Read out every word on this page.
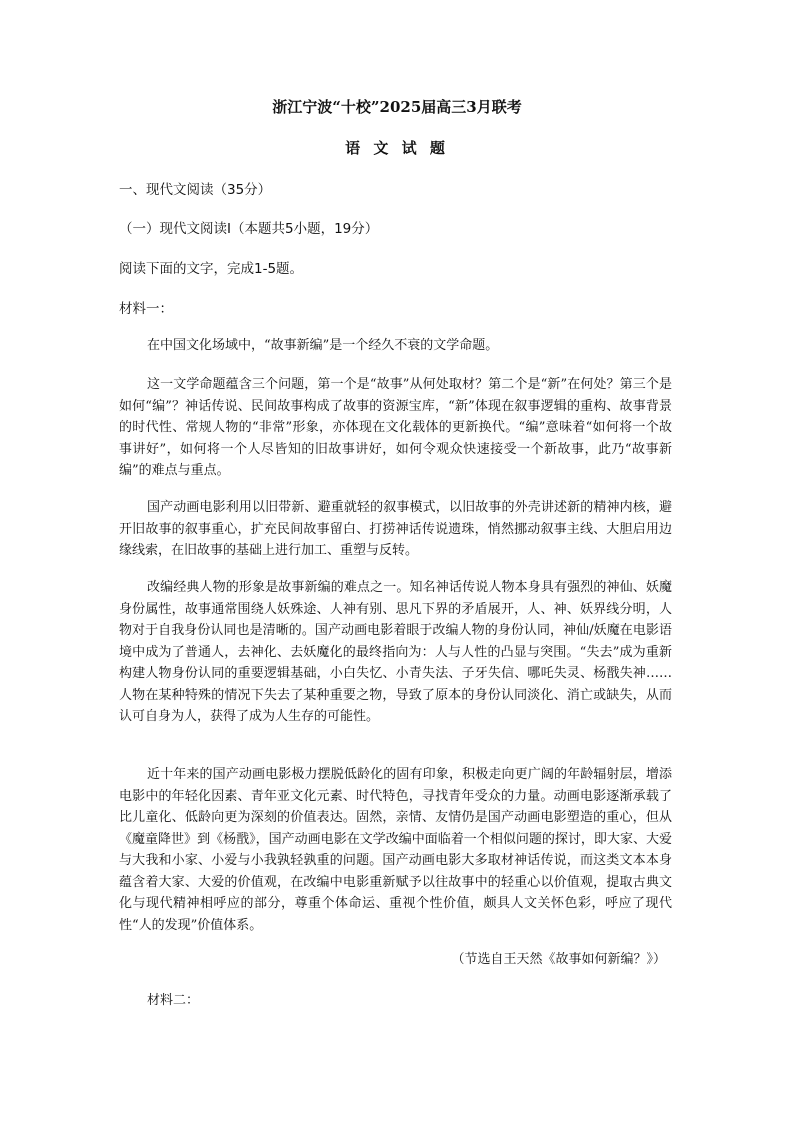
浙江宁波“十校”2025届高三3月联考
语 文 试 题
一、现代文阅读（35分）
（一）现代文阅读Ⅰ（本题共5小题，19分）
阅读下面的文字，完成1-5题。
材料一：
在中国文化场域中，“故事新编”是一个经久不衰的文学命题。
这一文学命题蕴含三个问题，第一个是“故事”从何处取材？第二个是“新”在何处？第三个是如何“编”？神话传说、民间故事构成了故事的资源宝库，“新”体现在叙事逻辑的重构、故事背景的时代性、常规人物的“非常”形象，亦体现在文化载体的更新换代。“编”意味着“如何将一个故事讲好”，如何将一个人尽皆知的旧故事讲好，如何令观众快速接受一个新故事，此乃“故事新编”的难点与重点。
国产动画电影利用以旧带新、避重就轻的叙事模式，以旧故事的外壳讲述新的精神内核，避开旧故事的叙事重心，扩充民间故事留白、打捞神话传说遗珠，悄然挪动叙事主线、大胆启用边缘线索，在旧故事的基础上进行加工、重塑与反转。
改编经典人物的形象是故事新编的难点之一。知名神话传说人物本身具有强烈的神仙、妖魔身份属性，故事通常围绕人妖殊途、人神有别、思凡下界的矛盾展开，人、神、妖界线分明，人物对于自我身份认同也是清晰的。国产动画电影着眼于改编人物的身份认同，神仙/妖魔在电影语境中成为了普通人，去神化、去妖魔化的最终指向为：人与人性的凸显与突围。“失去”成为重新构建人物身份认同的重要逻辑基础，小白失忆、小青失法、子牙失信、哪吒失灵、杨戬失神……人物在某种特殊的情况下失去了某种重要之物，导致了原本的身份认同淡化、消亡或缺失，从而认可自身为人，获得了成为人生存的可能性。
近十年来的国产动画电影极力摆脱低龄化的固有印象，积极走向更广阔的年龄辐射层，增添电影中的年轻化因素、青年亚文化元素、时代特色，寻找青年受众的力量。动画电影逐渐承载了比儿童化、低龄向更为深刻的价值表达。固然，亲情、友情仍是国产动画电影塑造的重心，但从《魔童降世》到《杨戬》，国产动画电影在文学改编中面临着一个相似问题的探讨，即大家、大爱与大我和小家、小爱与小我孰轻孰重的问题。国产动画电影大多取材神话传说，而这类文本本身蕴含着大家、大爱的价值观，在改编中电影重新赋予以往故事中的轻重心以价值观，提取古典文化与现代精神相呼应的部分，尊重个体命运、重视个性价值，颇具人文关怀色彩，呼应了现代性“人的发现”价值体系。
（节选自王天然《故事如何新编？》）
材料二：
